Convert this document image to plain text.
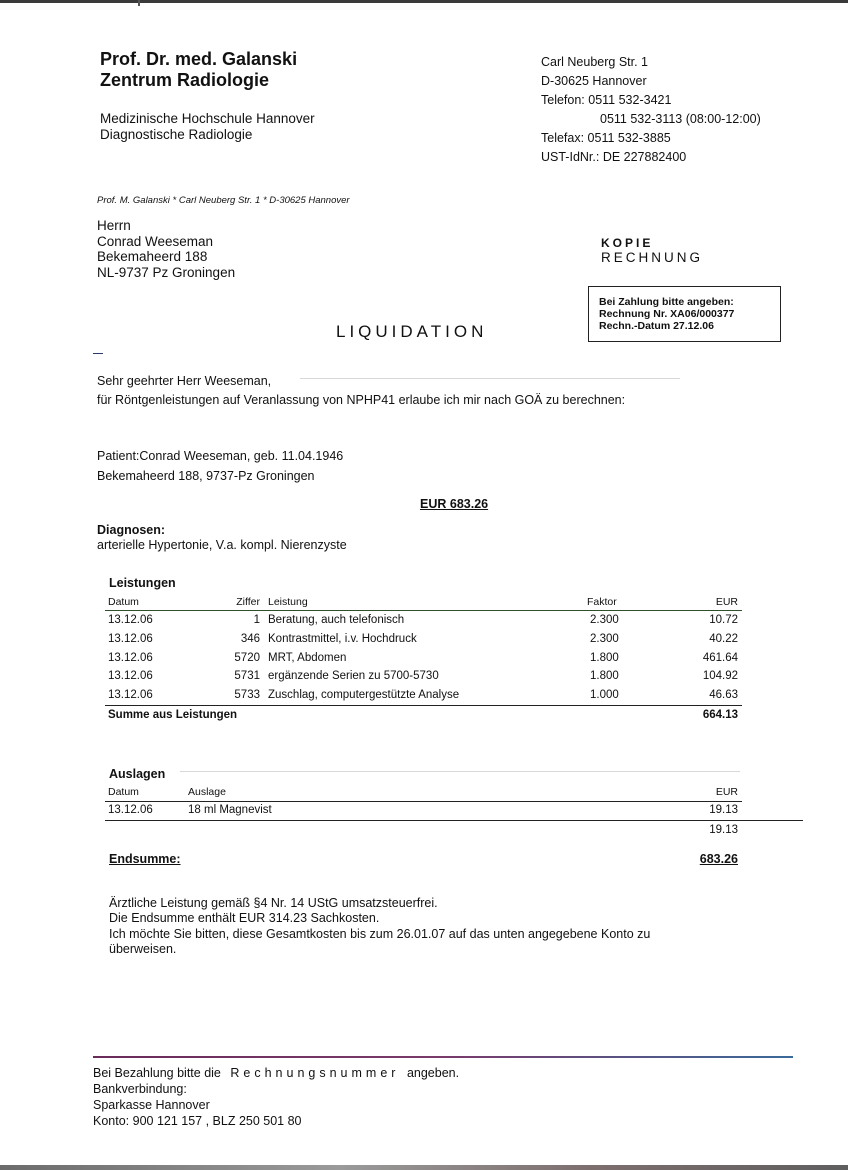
Prof. Dr. med. Galanski
Zentrum Radiologie
Medizinische Hochschule Hannover
Diagnostische Radiologie
Carl Neuberg Str. 1
D-30625 Hannover
Telefon: 0511 532-3421
0511 532-3113 (08:00-12:00)
Telefax: 0511 532-3885
UST-IdNr.: DE 227882400
Prof. M. Galanski * Carl Neuberg Str. 1 * D-30625 Hannover
Herrn
Conrad Weeseman
Bekemaheerd 188
NL-9737 Pz Groningen
KOPIE
RECHNUNG
Bei Zahlung bitte angeben:
Rechnung Nr. XA06/000377
Rechn.-Datum 27.12.06
LIQUIDATION
Sehr geehrter Herr Weeseman,
für Röntgenleistungen auf Veranlassung von NPHP41 erlaube ich mir nach GOÄ zu berechnen:
Patient:Conrad Weeseman, geb. 11.04.1946
Bekemaheerd 188, 9737-Pz Groningen
EUR 683.26
Diagnosen:
arterielle Hypertonie, V.a. kompl. Nierenzyste
Leistungen
Datum	Ziffer Leistung	Faktor	EUR
13.12.06	1 Beratung, auch telefonisch	2.300	10.72
13.12.06	346 Kontrastmittel, i.v. Hochdruck	2.300	40.22
13.12.06	5720 MRT, Abdomen	1.800	461.64
13.12.06	5731 ergänzende Serien zu 5700-5730	1.800	104.92
13.12.06	5733 Zuschlag, computergestützte Analyse	1.000	46.63
Summe aus Leistungen	664.13
Auslagen
Datum	Auslage	EUR
13.12.06	18 ml Magnevist	19.13
19.13
Endsumme:	683.26
Ärztliche Leistung gemäß §4 Nr. 14 UStG umsatzsteuerfrei.
Die Endsumme enthält EUR 314.23 Sachkosten.
Ich möchte Sie bitten, diese Gesamtkosten bis zum 26.01.07 auf das unten angegebene Konto zu
überweisen.
Bei Bezahlung bitte die Rechnungsnummer angeben.
Bankverbindung:
Sparkasse Hannover
Konto: 900 121 157 , BLZ 250 501 80
